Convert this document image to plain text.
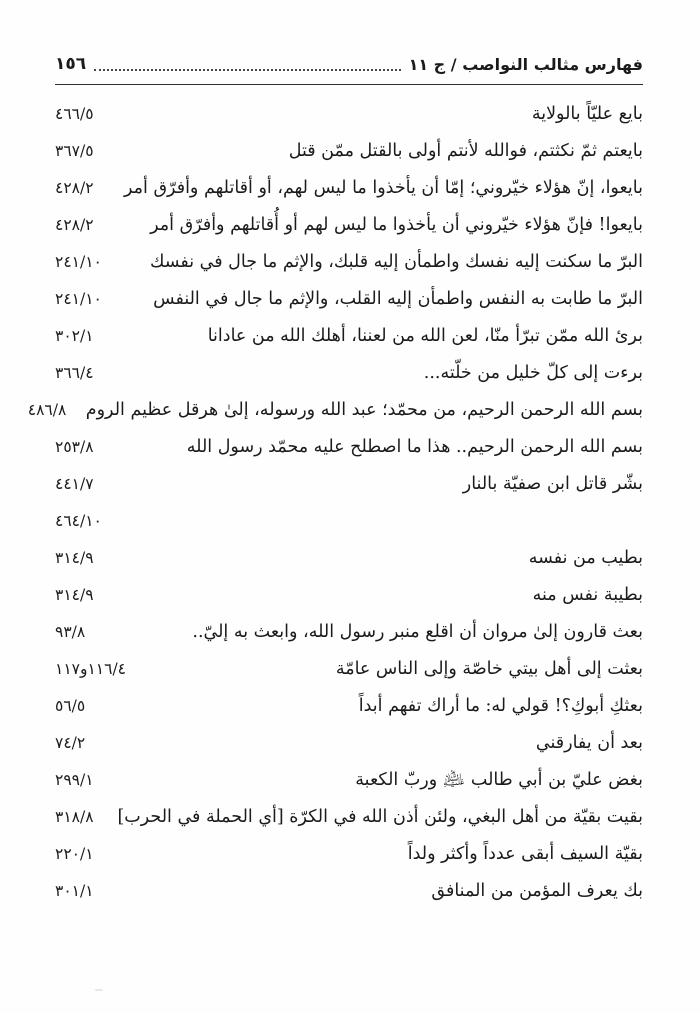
فهارس مثالب النواصب / ج ١١
١٥٦
بايع عليّاً بالولاية
٤٦٦/٥
بايعتم ثمّ نكثتم، فوالله لأنتم أولى بالقتل ممّن قتل
٣٦٧/٥
بايعوا، إنّ هؤلاء خيّروني؛ إمّا أن يأخذوا ما ليس لهم، أو أقاتلهم وأفرّق أمر
٤٢٨/٢
بايعوا! فإنّ هؤلاء خيّروني أن يأخذوا ما ليس لهم أو أُقاتلهم وأفرّق أمر
٤٢٨/٢
البرّ ما سكنت إليه نفسك واطمأن إليه قلبك، والإثم ما جال في نفسك
٢٤١/١٠
البرّ ما طابت به النفس واطمأن إليه القلب، والإثم ما جال في النفس
٢٤١/١٠
برئ الله ممّن تبرّأ منّا، لعن الله من لعننا، أهلك الله من عادانا
٣٠٢/١
برءت إلى كلّ خليل من خلّته...
٣٦٦/٤
بسم الله الرحمن الرحيم، من محمّد؛ عبد الله ورسوله، إلىٰ هرقل عظيم الروم
٤٨٦/٨
بسم الله الرحمن الرحيم.. هذا ما اصطلح عليه محمّد رسول الله
٢٥٣/٨
بشّر قاتل ابن صفيّة بالنار
٤٤١/٧
٤٦٤/١٠
بطيب من نفسه
٣١٤/٩
بطيبة نفس منه
٣١٤/٩
بعث قارون إلىٰ مروان أن اقلع منبر رسول الله، وابعث به إليّ..
٩٣/٨
بعثت إلى أهل بيتي خاصّة وإلى الناس عامّة
١١٦/٤و١١٧
بعثكِ أبوكِ؟! قولي له: ما أراك تفهم أبداً
٥٦/٥
بعد أن يفارقني
٧٤/٢
بغض عليّ بن أبي طالب ﵇ وربّ الكعبة
٢٩٩/١
بقيت بقيّة من أهل البغي، ولئن أذن الله في الكرّة [أي الحملة في الحرب]
٣١٨/٨
بقيّة السيف أبقى عدداً وأكثر ولداً
٢٢٠/١
بك يعرف المؤمن من المنافق
٣٠١/١
